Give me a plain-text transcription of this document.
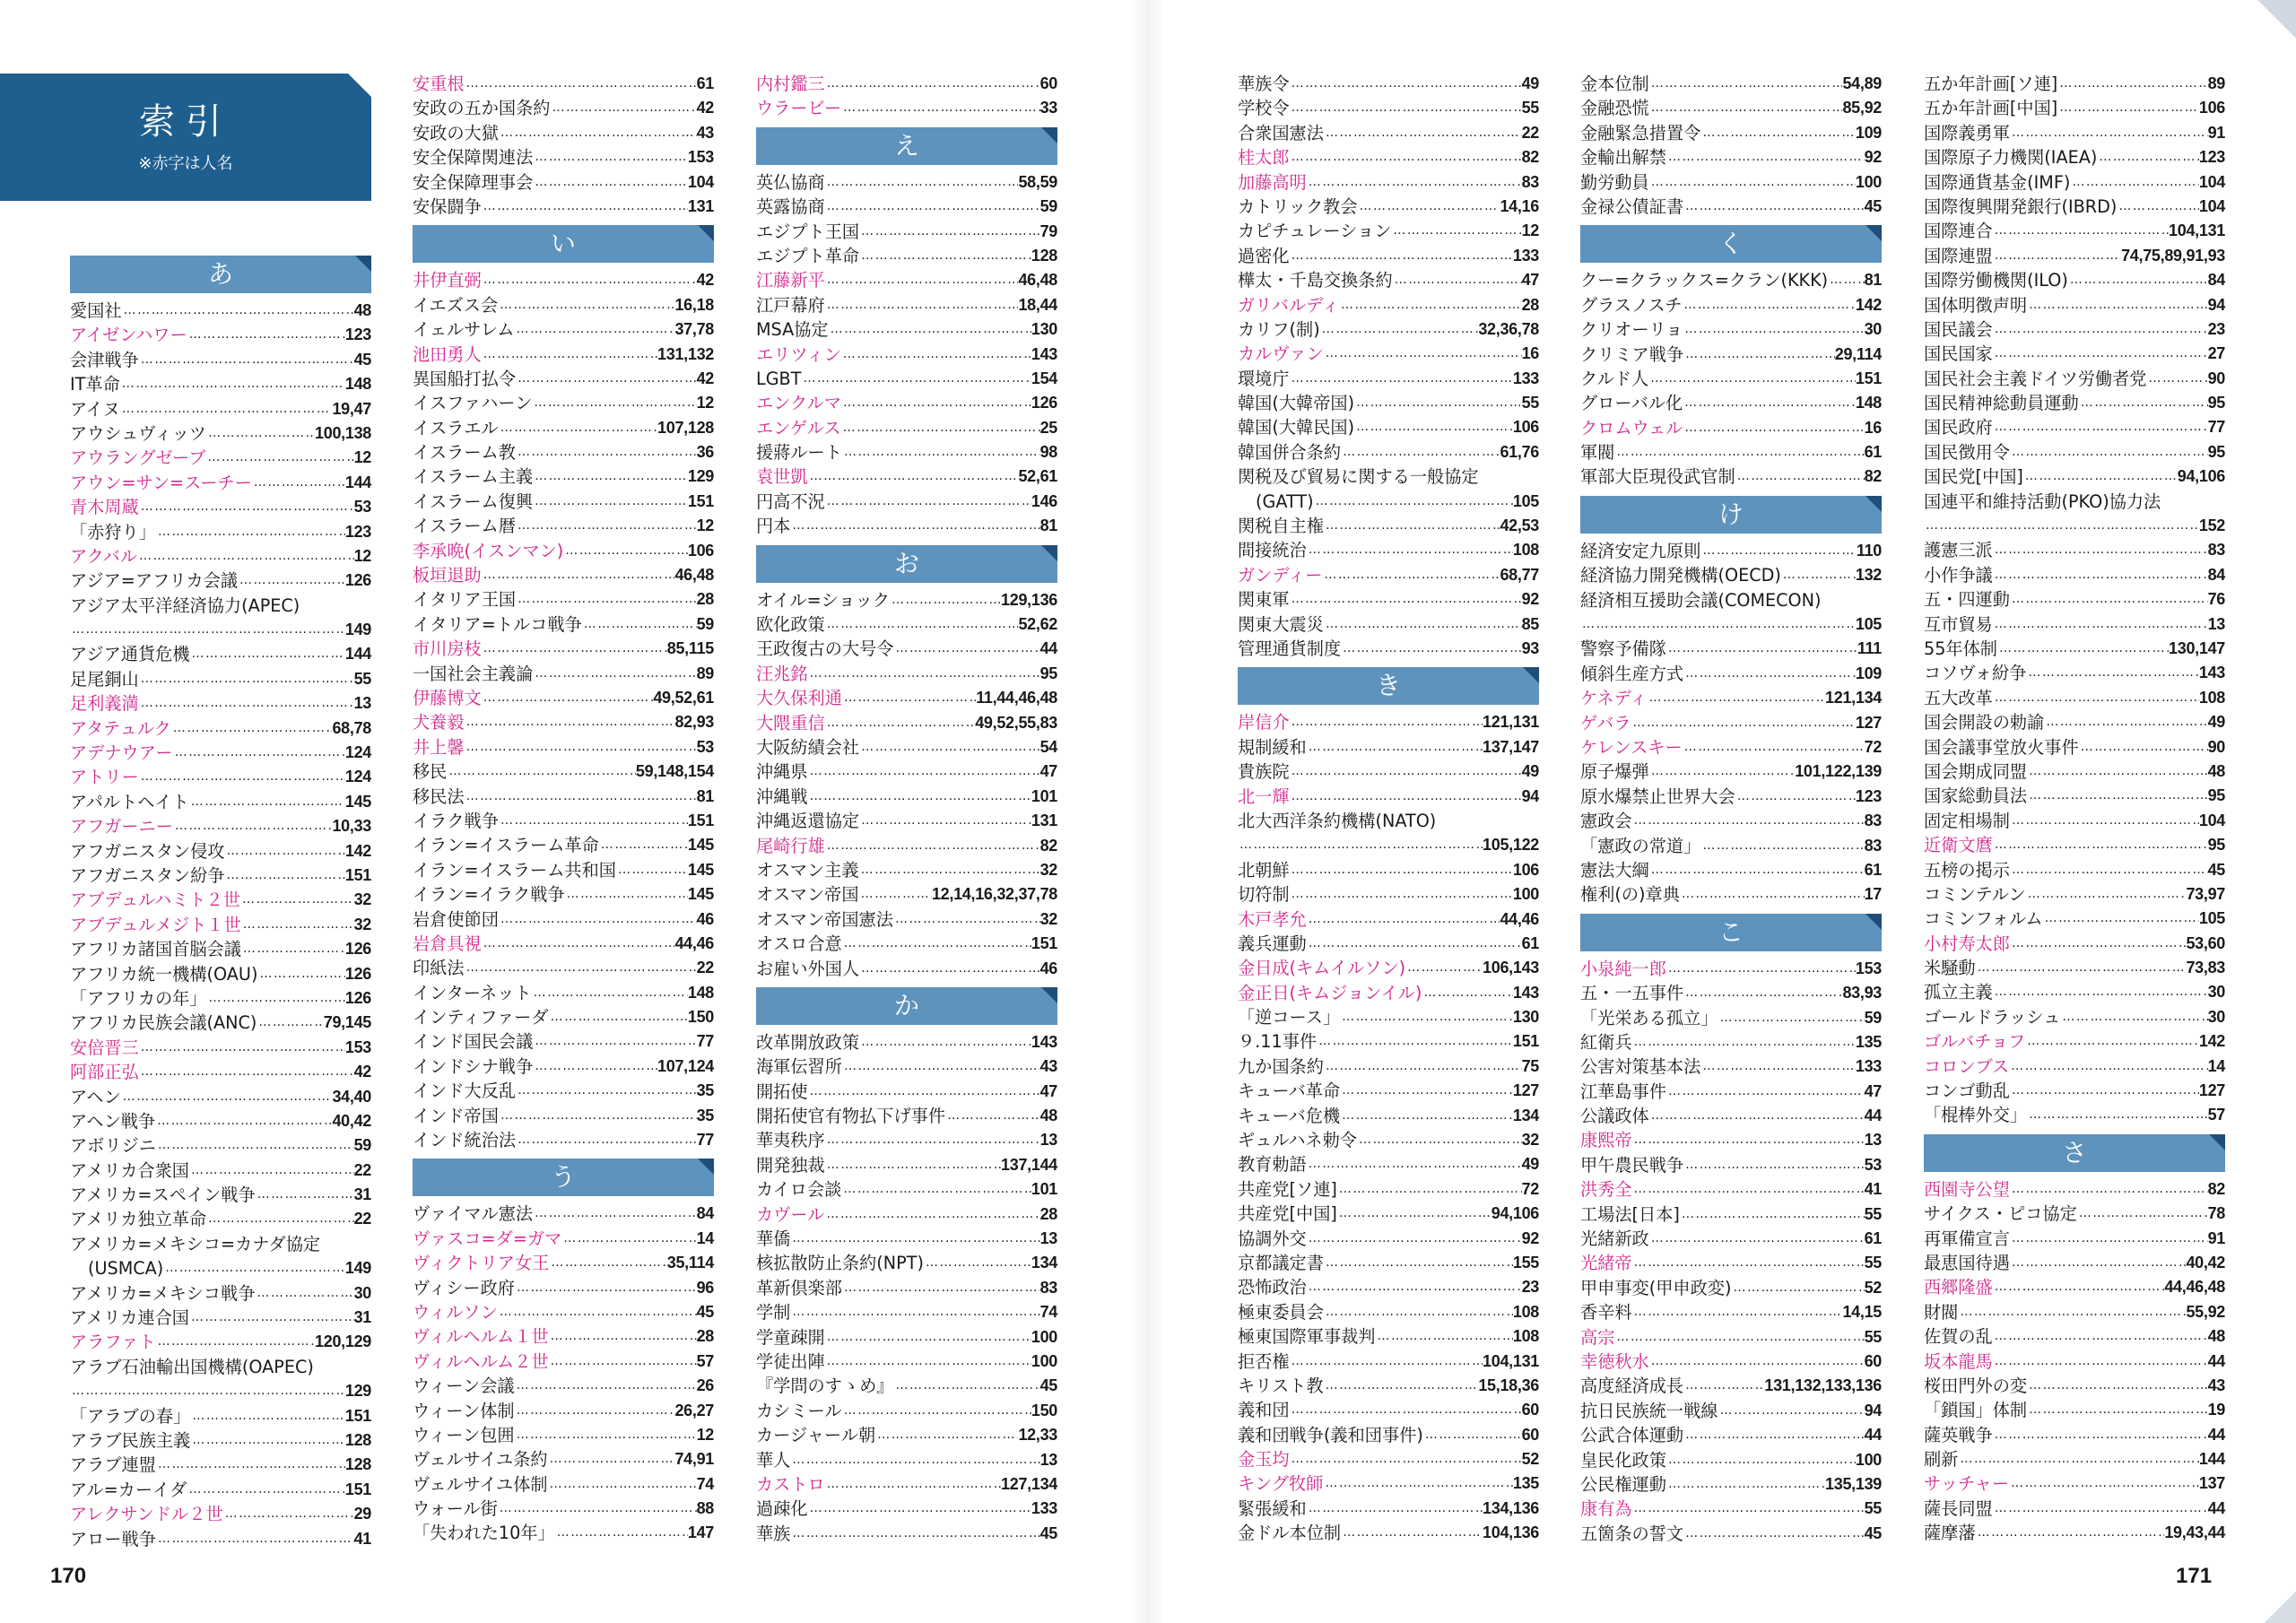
索引
※赤字は人名
170	171
あ
愛国社 ……………………………………………………………………………………………………………………………………………………………………………………………………………………	48
アイゼンハワー ……………………………………………………………………………………………………………………………………………………………………………………………………………………	123
会津戦争 ……………………………………………………………………………………………………………………………………………………………………………………………………………………	45
IT革命 ……………………………………………………………………………………………………………………………………………………………………………………………………………………	148
アイヌ ……………………………………………………………………………………………………………………………………………………………………………………………………………………	19,47
アウシュヴィッツ ……………………………………………………………………………………………………………………………………………………………………………………………………………………	100,138
アウラングゼーブ ……………………………………………………………………………………………………………………………………………………………………………………………………………………	12
アウン=サン=スーチー ……………………………………………………………………………………………………………………………………………………………………………………………………………………	144
青木周蔵 ……………………………………………………………………………………………………………………………………………………………………………………………………………………	53
「赤狩り」 ……………………………………………………………………………………………………………………………………………………………………………………………………………………	123
アクバル ……………………………………………………………………………………………………………………………………………………………………………………………………………………	12
アジア=アフリカ会議 ……………………………………………………………………………………………………………………………………………………………………………………………………………………	126
アジア太平洋経済協力(APEC)
……………………………………………………………………………………………………………………………………………………………………………………………………………………
149
アジア通貨危機 ……………………………………………………………………………………………………………………………………………………………………………………………………………………	144
足尾銅山 ……………………………………………………………………………………………………………………………………………………………………………………………………………………	55
足利義満 ……………………………………………………………………………………………………………………………………………………………………………………………………………………	13
アタテュルク ……………………………………………………………………………………………………………………………………………………………………………………………………………………	68,78
アデナウアー ……………………………………………………………………………………………………………………………………………………………………………………………………………………	124
アトリー ……………………………………………………………………………………………………………………………………………………………………………………………………………………	124
アパルトヘイト ……………………………………………………………………………………………………………………………………………………………………………………………………………………	145
アフガーニー ……………………………………………………………………………………………………………………………………………………………………………………………………………………	10,33
アフガニスタン侵攻 ……………………………………………………………………………………………………………………………………………………………………………………………………………………	142
アフガニスタン紛争 ……………………………………………………………………………………………………………………………………………………………………………………………………………………	151
アブデュルハミト２世 ……………………………………………………………………………………………………………………………………………………………………………………………………………………	32
アブデュルメジト１世 ……………………………………………………………………………………………………………………………………………………………………………………………………………………	32
アフリカ諸国首脳会議 ……………………………………………………………………………………………………………………………………………………………………………………………………………………	126
アフリカ統一機構(OAU) ……………………………………………………………………………………………………………………………………………………………………………………………………………………	126
「アフリカの年」 ……………………………………………………………………………………………………………………………………………………………………………………………………………………	126
アフリカ民族会議(ANC) ……………………………………………………………………………………………………………………………………………………………………………………………………………………	79,145
安倍晋三 ……………………………………………………………………………………………………………………………………………………………………………………………………………………	153
阿部正弘 ……………………………………………………………………………………………………………………………………………………………………………………………………………………	42
アヘン ……………………………………………………………………………………………………………………………………………………………………………………………………………………	34,40
アヘン戦争 ……………………………………………………………………………………………………………………………………………………………………………………………………………………	40,42
アボリジニ ……………………………………………………………………………………………………………………………………………………………………………………………………………………	59
アメリカ合衆国 ……………………………………………………………………………………………………………………………………………………………………………………………………………………	22
アメリカ=スペイン戦争 ……………………………………………………………………………………………………………………………………………………………………………………………………………………	31
アメリカ独立革命 ……………………………………………………………………………………………………………………………………………………………………………………………………………………	22
アメリカ=メキシコ=カナダ協定
(USMCA) ……………………………………………………………………………………………………………………………………………………………………………………………………………………	149
アメリカ=メキシコ戦争 ……………………………………………………………………………………………………………………………………………………………………………………………………………………	30
アメリカ連合国 ……………………………………………………………………………………………………………………………………………………………………………………………………………………	31
アラファト ……………………………………………………………………………………………………………………………………………………………………………………………………………………	120,129
アラブ石油輸出国機構(OAPEC)
……………………………………………………………………………………………………………………………………………………………………………………………………………………
129
「アラブの春」 ……………………………………………………………………………………………………………………………………………………………………………………………………………………	151
アラブ民族主義 ……………………………………………………………………………………………………………………………………………………………………………………………………………………	128
アラブ連盟 ……………………………………………………………………………………………………………………………………………………………………………………………………………………	128
アル=カーイダ ……………………………………………………………………………………………………………………………………………………………………………………………………………………	151
アレクサンドル２世 ……………………………………………………………………………………………………………………………………………………………………………………………………………………	29
アロー戦争 ……………………………………………………………………………………………………………………………………………………………………………………………………………………	41
安重根 ……………………………………………………………………………………………………………………………………………………………………………………………………………………	61
安政の五か国条約 ……………………………………………………………………………………………………………………………………………………………………………………………………………………	42
安政の大獄 ……………………………………………………………………………………………………………………………………………………………………………………………………………………	43
安全保障関連法 ……………………………………………………………………………………………………………………………………………………………………………………………………………………	153
安全保障理事会 ……………………………………………………………………………………………………………………………………………………………………………………………………………………	104
安保闘争 ……………………………………………………………………………………………………………………………………………………………………………………………………………………	131
い
井伊直弼 ……………………………………………………………………………………………………………………………………………………………………………………………………………………	42
イエズス会 ……………………………………………………………………………………………………………………………………………………………………………………………………………………	16,18
イェルサレム ……………………………………………………………………………………………………………………………………………………………………………………………………………………	37,78
池田勇人 ……………………………………………………………………………………………………………………………………………………………………………………………………………………	131,132
異国船打払令 ……………………………………………………………………………………………………………………………………………………………………………………………………………………	42
イスファハーン ……………………………………………………………………………………………………………………………………………………………………………………………………………………	12
イスラエル ……………………………………………………………………………………………………………………………………………………………………………………………………………………	107,128
イスラーム教 ……………………………………………………………………………………………………………………………………………………………………………………………………………………	36
イスラーム主義 ……………………………………………………………………………………………………………………………………………………………………………………………………………………	129
イスラーム復興 ……………………………………………………………………………………………………………………………………………………………………………………………………………………	151
イスラーム暦 ……………………………………………………………………………………………………………………………………………………………………………………………………………………	12
李承晩(イスンマン) ……………………………………………………………………………………………………………………………………………………………………………………………………………………	106
板垣退助 ……………………………………………………………………………………………………………………………………………………………………………………………………………………	46,48
イタリア王国 ……………………………………………………………………………………………………………………………………………………………………………………………………………………	28
イタリア=トルコ戦争 ……………………………………………………………………………………………………………………………………………………………………………………………………………………	59
市川房枝 ……………………………………………………………………………………………………………………………………………………………………………………………………………………	85,115
一国社会主義論 ……………………………………………………………………………………………………………………………………………………………………………………………………………………	89
伊藤博文 ……………………………………………………………………………………………………………………………………………………………………………………………………………………	49,52,61
犬養毅 ……………………………………………………………………………………………………………………………………………………………………………………………………………………	82,93
井上馨 ……………………………………………………………………………………………………………………………………………………………………………………………………………………	53
移民 ……………………………………………………………………………………………………………………………………………………………………………………………………………………	59,148,154
移民法 ……………………………………………………………………………………………………………………………………………………………………………………………………………………	81
イラク戦争 ……………………………………………………………………………………………………………………………………………………………………………………………………………………	151
イラン=イスラーム革命 ……………………………………………………………………………………………………………………………………………………………………………………………………………………	145
イラン=イスラーム共和国 ……………………………………………………………………………………………………………………………………………………………………………………………………………………	145
イラン=イラク戦争 ……………………………………………………………………………………………………………………………………………………………………………………………………………………	145
岩倉使節団 ……………………………………………………………………………………………………………………………………………………………………………………………………………………	46
岩倉具視 ……………………………………………………………………………………………………………………………………………………………………………………………………………………	44,46
印紙法 ……………………………………………………………………………………………………………………………………………………………………………………………………………………	22
インターネット ……………………………………………………………………………………………………………………………………………………………………………………………………………………	148
インティファーダ ……………………………………………………………………………………………………………………………………………………………………………………………………………………	150
インド国民会議 ……………………………………………………………………………………………………………………………………………………………………………………………………………………	77
インドシナ戦争 ……………………………………………………………………………………………………………………………………………………………………………………………………………………	107,124
インド大反乱 ……………………………………………………………………………………………………………………………………………………………………………………………………………………	35
インド帝国 ……………………………………………………………………………………………………………………………………………………………………………………………………………………	35
インド統治法 ……………………………………………………………………………………………………………………………………………………………………………………………………………………	77
う
ヴァイマル憲法 ……………………………………………………………………………………………………………………………………………………………………………………………………………………	84
ヴァスコ=ダ=ガマ ……………………………………………………………………………………………………………………………………………………………………………………………………………………	14
ヴィクトリア女王 ……………………………………………………………………………………………………………………………………………………………………………………………………………………	35,114
ヴィシー政府 ……………………………………………………………………………………………………………………………………………………………………………………………………………………	96
ウィルソン ……………………………………………………………………………………………………………………………………………………………………………………………………………………	45
ヴィルヘルム１世 ……………………………………………………………………………………………………………………………………………………………………………………………………………………	28
ヴィルヘルム２世 ……………………………………………………………………………………………………………………………………………………………………………………………………………………	57
ウィーン会議 ……………………………………………………………………………………………………………………………………………………………………………………………………………………	26
ウィーン体制 ……………………………………………………………………………………………………………………………………………………………………………………………………………………	26,27
ウィーン包囲 ……………………………………………………………………………………………………………………………………………………………………………………………………………………	12
ヴェルサイユ条約 ……………………………………………………………………………………………………………………………………………………………………………………………………………………	74,91
ヴェルサイユ体制 ……………………………………………………………………………………………………………………………………………………………………………………………………………………	74
ウォール街 ……………………………………………………………………………………………………………………………………………………………………………………………………………………	88
「失われた10年」 ……………………………………………………………………………………………………………………………………………………………………………………………………………………	147
内村鑑三 ……………………………………………………………………………………………………………………………………………………………………………………………………………………	60
ウラービー ……………………………………………………………………………………………………………………………………………………………………………………………………………………	33
え
英仏協商 ……………………………………………………………………………………………………………………………………………………………………………………………………………………	58,59
英露協商 ……………………………………………………………………………………………………………………………………………………………………………………………………………………	59
エジプト王国 ……………………………………………………………………………………………………………………………………………………………………………………………………………………	79
エジプト革命 ……………………………………………………………………………………………………………………………………………………………………………………………………………………	128
江藤新平 ……………………………………………………………………………………………………………………………………………………………………………………………………………………	46,48
江戸幕府 ……………………………………………………………………………………………………………………………………………………………………………………………………………………	18,44
MSA協定 ……………………………………………………………………………………………………………………………………………………………………………………………………………………	130
エリツィン ……………………………………………………………………………………………………………………………………………………………………………………………………………………	143
LGBT ……………………………………………………………………………………………………………………………………………………………………………………………………………………	154
エンクルマ ……………………………………………………………………………………………………………………………………………………………………………………………………………………	126
エンゲルス ……………………………………………………………………………………………………………………………………………………………………………………………………………………	25
援蔣ルート ……………………………………………………………………………………………………………………………………………………………………………………………………………………	98
袁世凱 ……………………………………………………………………………………………………………………………………………………………………………………………………………………	52,61
円高不況 ……………………………………………………………………………………………………………………………………………………………………………………………………………………	146
円本 ……………………………………………………………………………………………………………………………………………………………………………………………………………………	81
お
オイル=ショック ……………………………………………………………………………………………………………………………………………………………………………………………………………………	129,136
欧化政策 ……………………………………………………………………………………………………………………………………………………………………………………………………………………	52,62
王政復古の大号令 ……………………………………………………………………………………………………………………………………………………………………………………………………………………	44
汪兆銘 ……………………………………………………………………………………………………………………………………………………………………………………………………………………	95
大久保利通 ……………………………………………………………………………………………………………………………………………………………………………………………………………………	11,44,46,48
大隈重信 ……………………………………………………………………………………………………………………………………………………………………………………………………………………	49,52,55,83
大阪紡績会社 ……………………………………………………………………………………………………………………………………………………………………………………………………………………	54
沖縄県 ……………………………………………………………………………………………………………………………………………………………………………………………………………………	47
沖縄戦 ……………………………………………………………………………………………………………………………………………………………………………………………………………………	101
沖縄返還協定 ……………………………………………………………………………………………………………………………………………………………………………………………………………………	131
尾崎行雄 ……………………………………………………………………………………………………………………………………………………………………………………………………………………	82
オスマン主義 ……………………………………………………………………………………………………………………………………………………………………………………………………………………	32
オスマン帝国 ……………………………………………………………………………………………………………………………………………………………………………………………………………………	12,14,16,32,37,78
オスマン帝国憲法 ……………………………………………………………………………………………………………………………………………………………………………………………………………………	32
オスロ合意 ……………………………………………………………………………………………………………………………………………………………………………………………………………………	151
お雇い外国人 ……………………………………………………………………………………………………………………………………………………………………………………………………………………	46
か
改革開放政策 ……………………………………………………………………………………………………………………………………………………………………………………………………………………	143
海軍伝習所 ……………………………………………………………………………………………………………………………………………………………………………………………………………………	43
開拓使 ……………………………………………………………………………………………………………………………………………………………………………………………………………………	47
開拓使官有物払下げ事件 ……………………………………………………………………………………………………………………………………………………………………………………………………………………	48
華夷秩序 ……………………………………………………………………………………………………………………………………………………………………………………………………………………	13
開発独裁 ……………………………………………………………………………………………………………………………………………………………………………………………………………………	137,144
カイロ会談 ……………………………………………………………………………………………………………………………………………………………………………………………………………………	101
カヴール ……………………………………………………………………………………………………………………………………………………………………………………………………………………	28
華僑 ……………………………………………………………………………………………………………………………………………………………………………………………………………………	13
核拡散防止条約(NPT) ……………………………………………………………………………………………………………………………………………………………………………………………………………………	134
革新倶楽部 ……………………………………………………………………………………………………………………………………………………………………………………………………………………	83
学制 ……………………………………………………………………………………………………………………………………………………………………………………………………………………	74
学童疎開 ……………………………………………………………………………………………………………………………………………………………………………………………………………………	100
学徒出陣 ……………………………………………………………………………………………………………………………………………………………………………………………………………………	100
『学問のすゝめ』 ……………………………………………………………………………………………………………………………………………………………………………………………………………………	45
カシミール ……………………………………………………………………………………………………………………………………………………………………………………………………………………	150
カージャール朝 ……………………………………………………………………………………………………………………………………………………………………………………………………………………	12,33
華人 ……………………………………………………………………………………………………………………………………………………………………………………………………………………	13
カストロ ……………………………………………………………………………………………………………………………………………………………………………………………………………………	127,134
過疎化 ……………………………………………………………………………………………………………………………………………………………………………………………………………………	133
華族 ……………………………………………………………………………………………………………………………………………………………………………………………………………………	45
華族令 ……………………………………………………………………………………………………………………………………………………………………………………………………………………	49
学校令 ……………………………………………………………………………………………………………………………………………………………………………………………………………………	55
合衆国憲法 ……………………………………………………………………………………………………………………………………………………………………………………………………………………	22
桂太郎 ……………………………………………………………………………………………………………………………………………………………………………………………………………………	82
加藤高明 ……………………………………………………………………………………………………………………………………………………………………………………………………………………	83
カトリック教会 ……………………………………………………………………………………………………………………………………………………………………………………………………………………	14,16
カピチュレーション ……………………………………………………………………………………………………………………………………………………………………………………………………………………	12
過密化 ……………………………………………………………………………………………………………………………………………………………………………………………………………………	133
樺太・千島交換条約 ……………………………………………………………………………………………………………………………………………………………………………………………………………………	47
ガリバルディ ……………………………………………………………………………………………………………………………………………………………………………………………………………………	28
カリフ(制) ……………………………………………………………………………………………………………………………………………………………………………………………………………………	32,36,78
カルヴァン ……………………………………………………………………………………………………………………………………………………………………………………………………………………	16
環境庁 ……………………………………………………………………………………………………………………………………………………………………………………………………………………	133
韓国(大韓帝国) ……………………………………………………………………………………………………………………………………………………………………………………………………………………	55
韓国(大韓民国) ……………………………………………………………………………………………………………………………………………………………………………………………………………………	106
韓国併合条約 ……………………………………………………………………………………………………………………………………………………………………………………………………………………	61,76
関税及び貿易に関する一般協定
(GATT) ……………………………………………………………………………………………………………………………………………………………………………………………………………………	105
関税自主権 ……………………………………………………………………………………………………………………………………………………………………………………………………………………	42,53
間接統治 ……………………………………………………………………………………………………………………………………………………………………………………………………………………	108
ガンディー ……………………………………………………………………………………………………………………………………………………………………………………………………………………	68,77
関東軍 ……………………………………………………………………………………………………………………………………………………………………………………………………………………	92
関東大震災 ……………………………………………………………………………………………………………………………………………………………………………………………………………………	85
管理通貨制度 ……………………………………………………………………………………………………………………………………………………………………………………………………………………	93
き
岸信介 ……………………………………………………………………………………………………………………………………………………………………………………………………………………	121,131
規制緩和 ……………………………………………………………………………………………………………………………………………………………………………………………………………………	137,147
貴族院 ……………………………………………………………………………………………………………………………………………………………………………………………………………………	49
北一輝 ……………………………………………………………………………………………………………………………………………………………………………………………………………………	94
北大西洋条約機構(NATO)
……………………………………………………………………………………………………………………………………………………………………………………………………………………
105,122
北朝鮮 ……………………………………………………………………………………………………………………………………………………………………………………………………………………	106
切符制 ……………………………………………………………………………………………………………………………………………………………………………………………………………………	100
木戸孝允 ……………………………………………………………………………………………………………………………………………………………………………………………………………………	44,46
義兵運動 ……………………………………………………………………………………………………………………………………………………………………………………………………………………	61
金日成(キムイルソン) ……………………………………………………………………………………………………………………………………………………………………………………………………………………	106,143
金正日(キムジョンイル) ……………………………………………………………………………………………………………………………………………………………………………………………………………………	143
「逆コース」 ……………………………………………………………………………………………………………………………………………………………………………………………………………………	130
９.11事件 ……………………………………………………………………………………………………………………………………………………………………………………………………………………	151
九か国条約 ……………………………………………………………………………………………………………………………………………………………………………………………………………………	75
キューバ革命 ……………………………………………………………………………………………………………………………………………………………………………………………………………………	127
キューバ危機 ……………………………………………………………………………………………………………………………………………………………………………………………………………………	134
ギュルハネ勅令 ……………………………………………………………………………………………………………………………………………………………………………………………………………………	32
教育勅語 ……………………………………………………………………………………………………………………………………………………………………………………………………………………	49
共産党[ソ連] ……………………………………………………………………………………………………………………………………………………………………………………………………………………	72
共産党[中国] ……………………………………………………………………………………………………………………………………………………………………………………………………………………	94,106
協調外交 ……………………………………………………………………………………………………………………………………………………………………………………………………………………	92
京都議定書 ……………………………………………………………………………………………………………………………………………………………………………………………………………………	155
恐怖政治 ……………………………………………………………………………………………………………………………………………………………………………………………………………………	23
極東委員会 ……………………………………………………………………………………………………………………………………………………………………………………………………………………	108
極東国際軍事裁判 ……………………………………………………………………………………………………………………………………………………………………………………………………………………	108
拒否権 ……………………………………………………………………………………………………………………………………………………………………………………………………………………	104,131
キリスト教 ……………………………………………………………………………………………………………………………………………………………………………………………………………………	15,18,36
義和団 ……………………………………………………………………………………………………………………………………………………………………………………………………………………	60
義和団戦争(義和団事件) ……………………………………………………………………………………………………………………………………………………………………………………………………………………	60
金玉均 ……………………………………………………………………………………………………………………………………………………………………………………………………………………	52
キング牧師 ……………………………………………………………………………………………………………………………………………………………………………………………………………………	135
緊張緩和 ……………………………………………………………………………………………………………………………………………………………………………………………………………………	134,136
金ドル本位制 ……………………………………………………………………………………………………………………………………………………………………………………………………………………	104,136
金本位制 ……………………………………………………………………………………………………………………………………………………………………………………………………………………	54,89
金融恐慌 ……………………………………………………………………………………………………………………………………………………………………………………………………………………	85,92
金融緊急措置令 ……………………………………………………………………………………………………………………………………………………………………………………………………………………	109
金輸出解禁 ……………………………………………………………………………………………………………………………………………………………………………………………………………………	92
勤労動員 ……………………………………………………………………………………………………………………………………………………………………………………………………………………	100
金禄公債証書 ……………………………………………………………………………………………………………………………………………………………………………………………………………………	45
く
クー=クラックス=クラン(KKK) …………………………………………………………………………………………………………………………………………………………………………………………………………………… 81
グラスノスチ ……………………………………………………………………………………………………………………………………………………………………………………………………………………	142
クリオーリョ ……………………………………………………………………………………………………………………………………………………………………………………………………………………	30
クリミア戦争 ……………………………………………………………………………………………………………………………………………………………………………………………………………………	29,114
クルド人 ……………………………………………………………………………………………………………………………………………………………………………………………………………………	151
グローバル化 ……………………………………………………………………………………………………………………………………………………………………………………………………………………	148
クロムウェル ……………………………………………………………………………………………………………………………………………………………………………………………………………………	16
軍閥 ……………………………………………………………………………………………………………………………………………………………………………………………………………………	61
軍部大臣現役武官制 ……………………………………………………………………………………………………………………………………………………………………………………………………………………	82
け
経済安定九原則 ……………………………………………………………………………………………………………………………………………………………………………………………………………………	110
経済協力開発機構(OECD) ……………………………………………………………………………………………………………………………………………………………………………………………………………………	132
経済相互援助会議(COMECON)
……………………………………………………………………………………………………………………………………………………………………………………………………………………
105
警察予備隊 ……………………………………………………………………………………………………………………………………………………………………………………………………………………	111
傾斜生産方式 ……………………………………………………………………………………………………………………………………………………………………………………………………………………	109
ケネディ ……………………………………………………………………………………………………………………………………………………………………………………………………………………	121,134
ゲバラ ……………………………………………………………………………………………………………………………………………………………………………………………………………………	127
ケレンスキー ……………………………………………………………………………………………………………………………………………………………………………………………………………………	72
原子爆弾 ……………………………………………………………………………………………………………………………………………………………………………………………………………………	101,122,139
原水爆禁止世界大会 ……………………………………………………………………………………………………………………………………………………………………………………………………………………	123
憲政会 ……………………………………………………………………………………………………………………………………………………………………………………………………………………	83
「憲政の常道」 ……………………………………………………………………………………………………………………………………………………………………………………………………………………	83
憲法大綱 ……………………………………………………………………………………………………………………………………………………………………………………………………………………	61
権利(の)章典 ……………………………………………………………………………………………………………………………………………………………………………………………………………………	17
こ
小泉純一郎 ……………………………………………………………………………………………………………………………………………………………………………………………………………………	153
五・一五事件 ……………………………………………………………………………………………………………………………………………………………………………………………………………………	83,93
「光栄ある孤立」 ……………………………………………………………………………………………………………………………………………………………………………………………………………………	59
紅衛兵 ……………………………………………………………………………………………………………………………………………………………………………………………………………………	135
公害対策基本法 ……………………………………………………………………………………………………………………………………………………………………………………………………………………	133
江華島事件 ……………………………………………………………………………………………………………………………………………………………………………………………………………………	47
公議政体 ……………………………………………………………………………………………………………………………………………………………………………………………………………………	44
康熙帝 ……………………………………………………………………………………………………………………………………………………………………………………………………………………	13
甲午農民戦争 ……………………………………………………………………………………………………………………………………………………………………………………………………………………	53
洪秀全 ……………………………………………………………………………………………………………………………………………………………………………………………………………………	41
工場法[日本] ……………………………………………………………………………………………………………………………………………………………………………………………………………………	55
光緒新政 ……………………………………………………………………………………………………………………………………………………………………………………………………………………	61
光緒帝 ……………………………………………………………………………………………………………………………………………………………………………………………………………………	55
甲申事変(甲申政変) ……………………………………………………………………………………………………………………………………………………………………………………………………………………	52
香辛料 ……………………………………………………………………………………………………………………………………………………………………………………………………………………	14,15
高宗 ……………………………………………………………………………………………………………………………………………………………………………………………………………………	55
幸徳秋水 ……………………………………………………………………………………………………………………………………………………………………………………………………………………	60
高度経済成長 ……………………………………………………………………………………………………………………………………………………………………………………………………………………	131,132,133,136
抗日民族統一戦線 ……………………………………………………………………………………………………………………………………………………………………………………………………………………	94
公武合体運動 ……………………………………………………………………………………………………………………………………………………………………………………………………………………	44
皇民化政策 ……………………………………………………………………………………………………………………………………………………………………………………………………………………	100
公民権運動 ……………………………………………………………………………………………………………………………………………………………………………………………………………………	135,139
康有為 ……………………………………………………………………………………………………………………………………………………………………………………………………………………	55
五箇条の誓文 ……………………………………………………………………………………………………………………………………………………………………………………………………………………	45
五か年計画[ソ連] ……………………………………………………………………………………………………………………………………………………………………………………………………………………	89
五か年計画[中国] ……………………………………………………………………………………………………………………………………………………………………………………………………………………	106
国際義勇軍 ……………………………………………………………………………………………………………………………………………………………………………………………………………………	91
国際原子力機関(IAEA) ……………………………………………………………………………………………………………………………………………………………………………………………………………………	123
国際通貨基金(IMF) ……………………………………………………………………………………………………………………………………………………………………………………………………………………	104
国際復興開発銀行(IBRD) ……………………………………………………………………………………………………………………………………………………………………………………………………………………	104
国際連合 ……………………………………………………………………………………………………………………………………………………………………………………………………………………	104,131
国際連盟 ……………………………………………………………………………………………………………………………………………………………………………………………………………………	74,75,89,91,93
国際労働機関(ILO) ……………………………………………………………………………………………………………………………………………………………………………………………………………………	84
国体明徴声明 ……………………………………………………………………………………………………………………………………………………………………………………………………………………	94
国民議会 ……………………………………………………………………………………………………………………………………………………………………………………………………………………	23
国民国家 ……………………………………………………………………………………………………………………………………………………………………………………………………………………	27
国民社会主義ドイツ労働者党 ……………………………………………………………………………………………………………………………………………………………………………………………………………………	90
国民精神総動員運動 ……………………………………………………………………………………………………………………………………………………………………………………………………………………	95
国民政府 ……………………………………………………………………………………………………………………………………………………………………………………………………………………	77
国民徴用令 ……………………………………………………………………………………………………………………………………………………………………………………………………………………	95
国民党[中国] ……………………………………………………………………………………………………………………………………………………………………………………………………………………	94,106
国連平和維持活動(PKO)協力法
……………………………………………………………………………………………………………………………………………………………………………………………………………………
152
護憲三派 ……………………………………………………………………………………………………………………………………………………………………………………………………………………	83
小作争議 ……………………………………………………………………………………………………………………………………………………………………………………………………………………	84
五・四運動 ……………………………………………………………………………………………………………………………………………………………………………………………………………………	76
互市貿易 ……………………………………………………………………………………………………………………………………………………………………………………………………………………	13
55年体制 ……………………………………………………………………………………………………………………………………………………………………………………………………………………	130,147
コソヴォ紛争 ……………………………………………………………………………………………………………………………………………………………………………………………………………………	143
五大改革 ……………………………………………………………………………………………………………………………………………………………………………………………………………………	108
国会開設の勅諭 ……………………………………………………………………………………………………………………………………………………………………………………………………………………	49
国会議事堂放火事件 ……………………………………………………………………………………………………………………………………………………………………………………………………………………	90
国会期成同盟 ……………………………………………………………………………………………………………………………………………………………………………………………………………………	48
国家総動員法 ……………………………………………………………………………………………………………………………………………………………………………………………………………………	95
固定相場制 ……………………………………………………………………………………………………………………………………………………………………………………………………………………	104
近衛文麿 ……………………………………………………………………………………………………………………………………………………………………………………………………………………	95
五榜の掲示 ……………………………………………………………………………………………………………………………………………………………………………………………………………………	45
コミンテルン ……………………………………………………………………………………………………………………………………………………………………………………………………………………	73,97
コミンフォルム ……………………………………………………………………………………………………………………………………………………………………………………………………………………	105
小村寿太郎 ……………………………………………………………………………………………………………………………………………………………………………………………………………………	53,60
米騒動 ……………………………………………………………………………………………………………………………………………………………………………………………………………………	73,83
孤立主義 ……………………………………………………………………………………………………………………………………………………………………………………………………………………	30
ゴールドラッシュ ……………………………………………………………………………………………………………………………………………………………………………………………………………………	30
ゴルバチョフ ……………………………………………………………………………………………………………………………………………………………………………………………………………………	142
コロンブス ……………………………………………………………………………………………………………………………………………………………………………………………………………………	14
コンゴ動乱 ……………………………………………………………………………………………………………………………………………………………………………………………………………………	127
「棍棒外交」 ……………………………………………………………………………………………………………………………………………………………………………………………………………………	57
さ
西園寺公望 ……………………………………………………………………………………………………………………………………………………………………………………………………………………	82
サイクス・ピコ協定 ……………………………………………………………………………………………………………………………………………………………………………………………………………………	78
再軍備宣言 ……………………………………………………………………………………………………………………………………………………………………………………………………………………	91
最恵国待遇 ……………………………………………………………………………………………………………………………………………………………………………………………………………………	40,42
西郷隆盛 ……………………………………………………………………………………………………………………………………………………………………………………………………………………	44,46,48
財閥 ……………………………………………………………………………………………………………………………………………………………………………………………………………………	55,92
佐賀の乱 ……………………………………………………………………………………………………………………………………………………………………………………………………………………	48
坂本龍馬 ……………………………………………………………………………………………………………………………………………………………………………………………………………………	44
桜田門外の変 ……………………………………………………………………………………………………………………………………………………………………………………………………………………	43
「鎖国」体制 ……………………………………………………………………………………………………………………………………………………………………………………………………………………	19
薩英戦争 ……………………………………………………………………………………………………………………………………………………………………………………………………………………	44
刷新 ……………………………………………………………………………………………………………………………………………………………………………………………………………………	144
サッチャー ……………………………………………………………………………………………………………………………………………………………………………………………………………………	137
薩長同盟 ……………………………………………………………………………………………………………………………………………………………………………………………………………………	44
薩摩藩 ……………………………………………………………………………………………………………………………………………………………………………………………………………………	19,43,44
